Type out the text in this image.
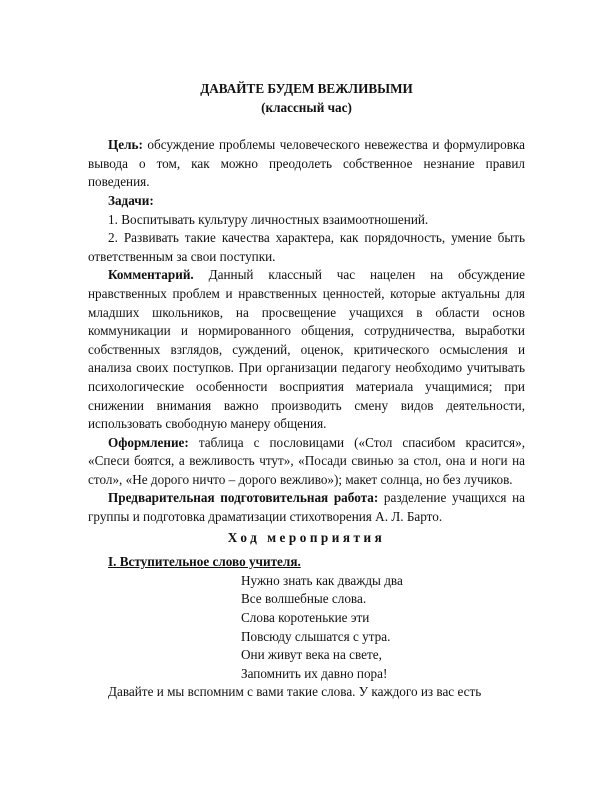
ДАВАЙТЕ БУДЕМ ВЕЖЛИВЫМИ

(классный час)

Цель: обсуждение проблемы человеческого невежества и формулировка вывода о том, как можно преодолеть собственное незнание правил поведения.

Задачи:

1. Воспитывать культуру личностных взаимоотношений.

2. Развивать такие качества характера, как порядочность, умение быть ответственным за свои поступки.

Комментарий. Данный классный час нацелен на обсуждение нравственных проблем и нравственных ценностей, которые актуальны для младших школьников, на просвещение учащихся в области основ коммуникации и нормированного общения, сотрудничества, выработки собственных взглядов, суждений, оценок, критического осмысления и анализа своих поступков. При организации педагогу необходимо учитывать психологические особенности восприятия материала учащимися; при снижении внимания важно производить смену видов деятельности, использовать свободную манеру общения.

Оформление: таблица с пословицами («Стол спасибом красится», «Спеси боятся, а вежливость чтут», «Посади свинью за стол, она и ноги на стол», «Не дорого ничто – дорого вежливо»); макет солнца, но без лучиков.

Предварительная подготовительная работа: разделение учащихся на группы и подготовка драматизации стихотворения А. Л. Барто.

Ход мероприятия

I. Вступительное слово учителя.

Нужно знать как дважды два
Все волшебные слова.
Слова коротенькие эти
Повсюду слышатся с утра.
Они живут века на свете,
Запомнить их давно пора!

Давайте и мы вспомним с вами такие слова. У каждого из вас есть
